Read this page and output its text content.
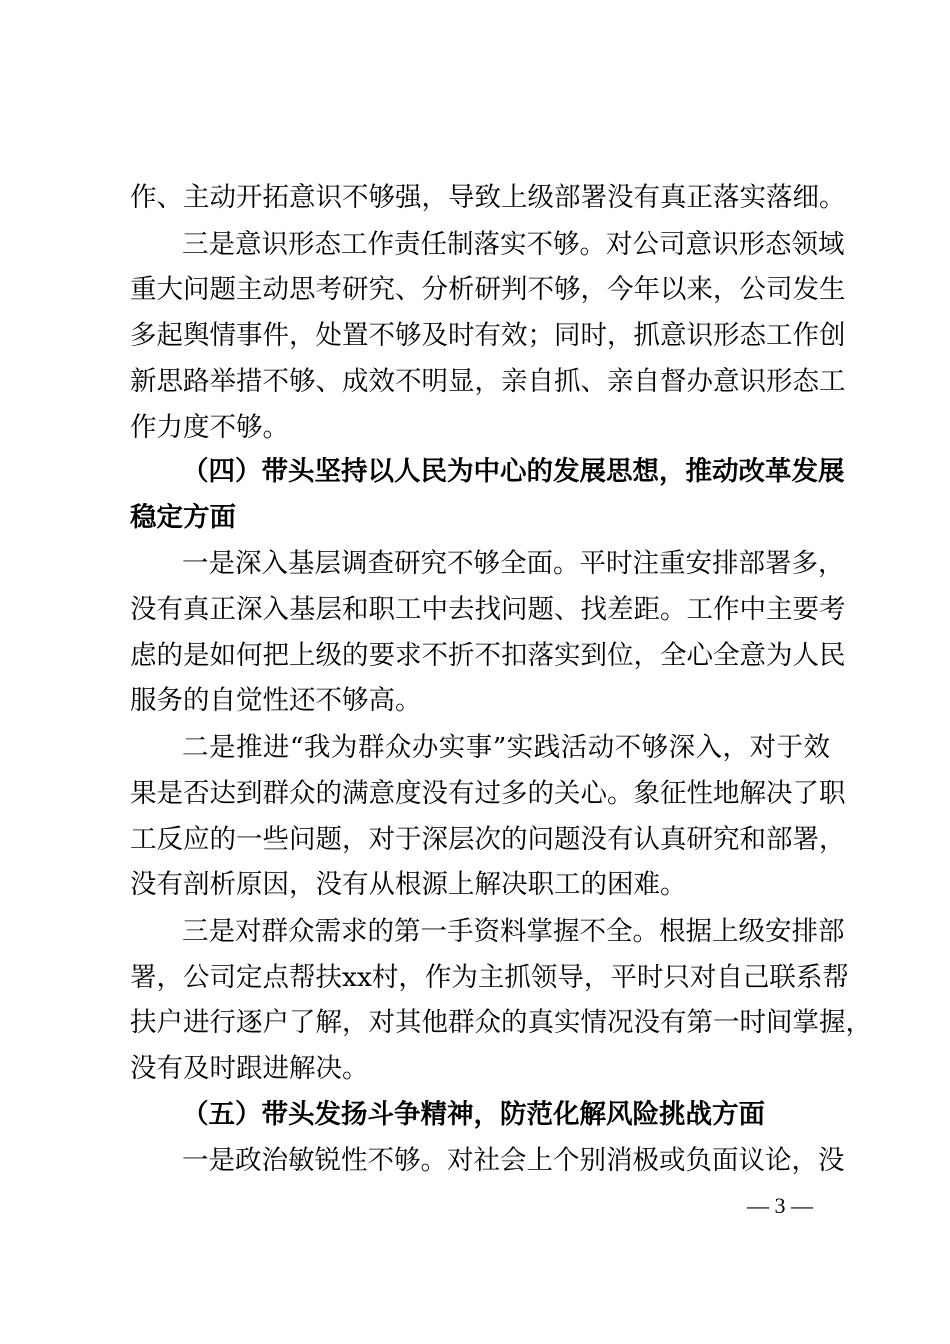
作、主动开拓意识不够强，导致上级部署没有真正落实落细。
三是意识形态工作责任制落实不够。对公司意识形态领域
重大问题主动思考研究、分析研判不够，今年以来，公司发生
多起舆情事件，处置不够及时有效；同时，抓意识形态工作创
新思路举措不够、成效不明显，亲自抓、亲自督办意识形态工
作力度不够。
（四）带头坚持以人民为中心的发展思想，推动改革发展
稳定方面
一是深入基层调查研究不够全面。平时注重安排部署多，
没有真正深入基层和职工中去找问题、找差距。工作中主要考
虑的是如何把上级的要求不折不扣落实到位，全心全意为人民
服务的自觉性还不够高。
二是推进“我为群众办实事”实践活动不够深入，对于效
果是否达到群众的满意度没有过多的关心。象征性地解决了职
工反应的一些问题，对于深层次的问题没有认真研究和部署，
没有剖析原因，没有从根源上解决职工的困难。
三是对群众需求的第一手资料掌握不全。根据上级安排部
署，公司定点帮扶xx村，作为主抓领导，平时只对自己联系帮
扶户进行逐户了解，对其他群众的真实情况没有第一时间掌握，
没有及时跟进解决。
（五）带头发扬斗争精神，防范化解风险挑战方面
一是政治敏锐性不够。对社会上个别消极或负面议论，没
— 3 —
